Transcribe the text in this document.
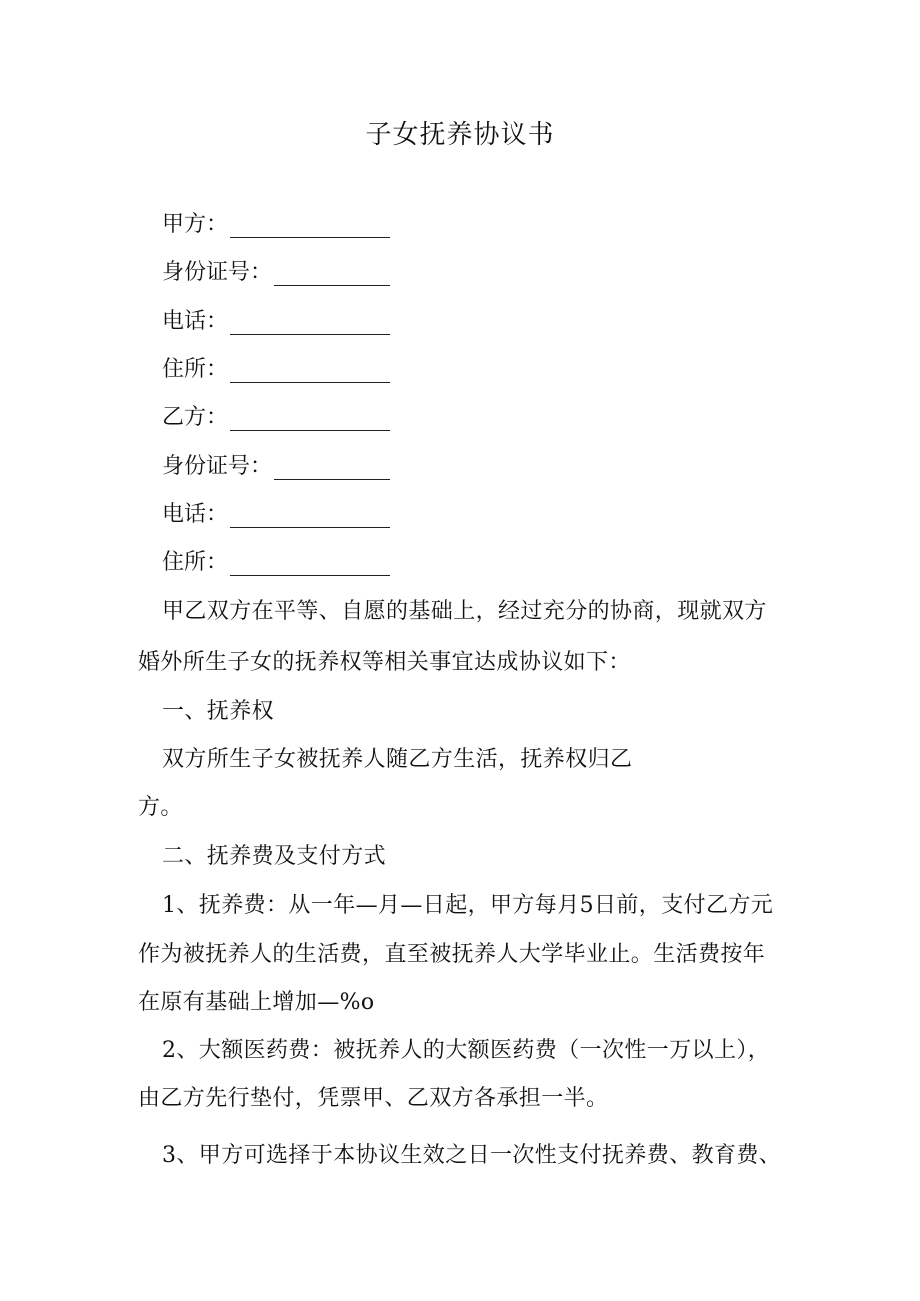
子女抚养协议书
甲方：
身份证号：
电话：
住所：
乙方：
身份证号：
电话：
住所：
甲乙双方在平等、自愿的基础上，经过充分的协商，现就双方
婚外所生子女的抚养权等相关事宜达成协议如下：
一、抚养权
双方所生子女被抚养人随乙方生活，抚养权归乙
方。
二、抚养费及支付方式
1、抚养费：从一年—月—日起，甲方每月5日前，支付乙方元
作为被抚养人的生活费，直至被抚养人大学毕业止。生活费按年
在原有基础上增加—%o
2、大额医药费：被抚养人的大额医药费（一次性一万以上），
由乙方先行垫付，凭票甲、乙双方各承担一半。
3、甲方可选择于本协议生效之日一次性支付抚养费、教育费、
